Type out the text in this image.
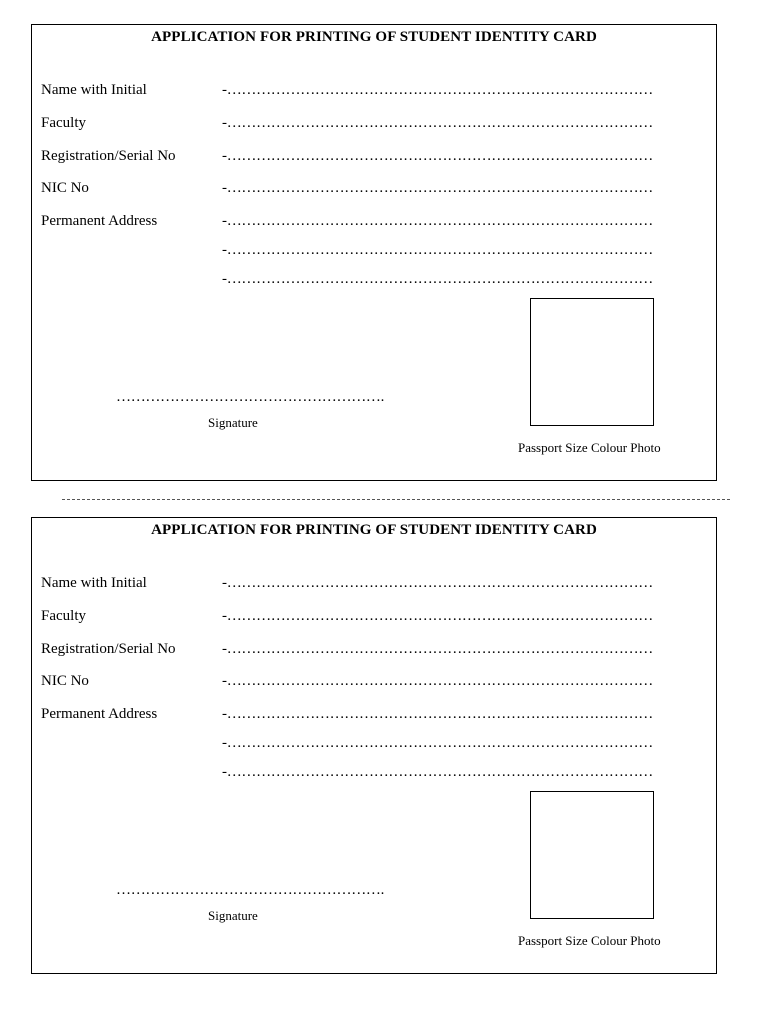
APPLICATION FOR PRINTING OF STUDENT IDENTITY CARD
Name with Initial	-……………………………………………………………………………
Faculty	-……………………………………………………………………………
Registration/Serial No	-……………………………………………………………………………
NIC No	-……………………………………………………………………………
Permanent Address	-……………………………………………………………………………
-……………………………………………………………………………
-……………………………………………………………………………
Passport Size Colour Photo
……………………………………………….
Signature
APPLICATION FOR PRINTING OF STUDENT IDENTITY CARD
Name with Initial	-……………………………………………………………………………
Faculty	-……………………………………………………………………………
Registration/Serial No	-……………………………………………………………………………
NIC No	-……………………………………………………………………………
Permanent Address	-……………………………………………………………………………
-……………………………………………………………………………
-……………………………………………………………………………
Passport Size Colour Photo
……………………………………………….
Signature
